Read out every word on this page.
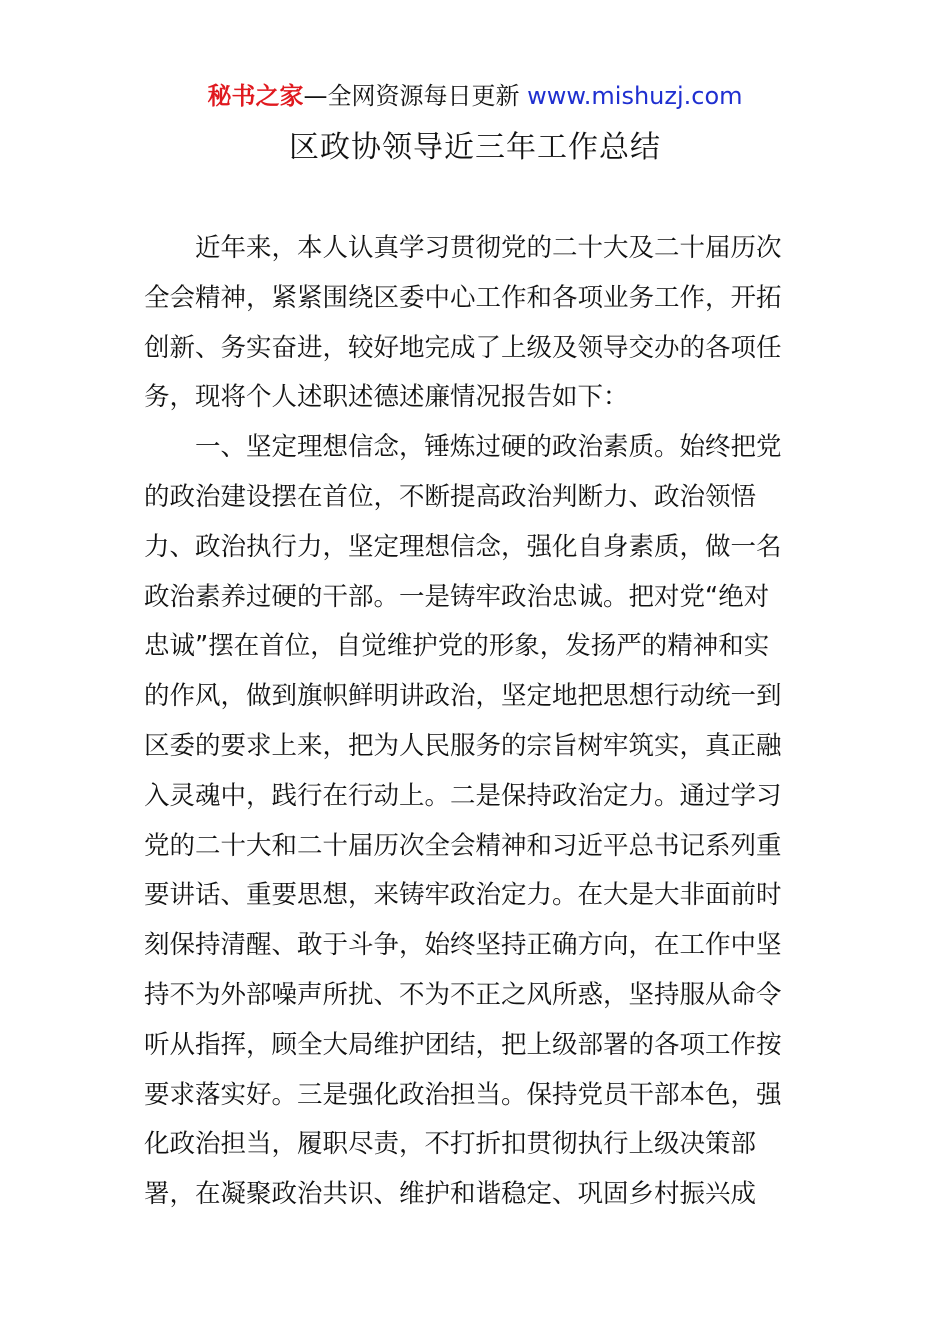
秘书之家—全网资源每日更新 www.mishuzj.com
区政协领导近三年工作总结
近年来，本人认真学习贯彻党的二十大及二十届历次
全会精神，紧紧围绕区委中心工作和各项业务工作，开拓
创新、务实奋进，较好地完成了上级及领导交办的各项任
务，现将个人述职述德述廉情况报告如下：
一、坚定理想信念，锤炼过硬的政治素质。始终把党
的政治建设摆在首位，不断提高政治判断力、政治领悟
力、政治执行力，坚定理想信念，强化自身素质，做一名
政治素养过硬的干部。一是铸牢政治忠诚。把对党“绝对
忠诚”摆在首位，自觉维护党的形象，发扬严的精神和实
的作风，做到旗帜鲜明讲政治，坚定地把思想行动统一到
区委的要求上来，把为人民服务的宗旨树牢筑实，真正融
入灵魂中，践行在行动上。二是保持政治定力。通过学习
党的二十大和二十届历次全会精神和习近平总书记系列重
要讲话、重要思想，来铸牢政治定力。在大是大非面前时
刻保持清醒、敢于斗争，始终坚持正确方向，在工作中坚
持不为外部噪声所扰、不为不正之风所惑，坚持服从命令
听从指挥，顾全大局维护团结，把上级部署的各项工作按
要求落实好。三是强化政治担当。保持党员干部本色，强
化政治担当，履职尽责，不打折扣贯彻执行上级决策部
署，在凝聚政治共识、维护和谐稳定、巩固乡村振兴成
